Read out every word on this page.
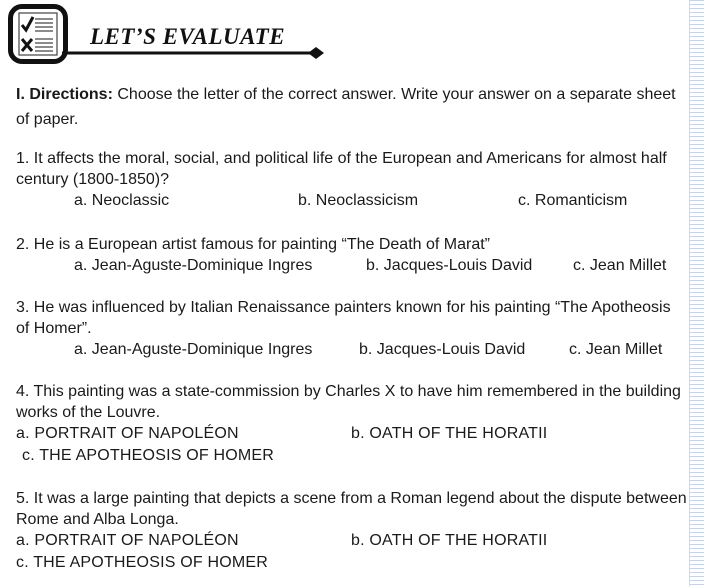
LET’S EVALUATE
I. Directions: Choose the letter of the correct answer. Write your answer on a separate sheet of paper.
1. It affects the moral, social, and political life of the European and Americans for almost half century (1800-1850)?
a. Neoclassic	b. Neoclassicism	c. Romanticism
2. He is a European artist famous for painting “The Death of Marat”
a. Jean-Aguste-Dominique Ingres	b. Jacques-Louis David	c. Jean Millet
3. He was influenced by Italian Renaissance painters known for his painting “The Apotheosis of Homer”.
a. Jean-Aguste-Dominique Ingres	b. Jacques-Louis David	c. Jean Millet
4. This painting was a state-commission by Charles X to have him remembered in the building works of the Louvre.
a. PORTRAIT OF NAPOLÉON	b. OATH OF THE HORATII
c. THE APOTHEOSIS OF HOMER
5. It was a large painting that depicts a scene from a Roman legend about the dispute between Rome and Alba Longa.
a. PORTRAIT OF NAPOLÉON	b. OATH OF THE HORATII
c. THE APOTHEOSIS OF HOMER
